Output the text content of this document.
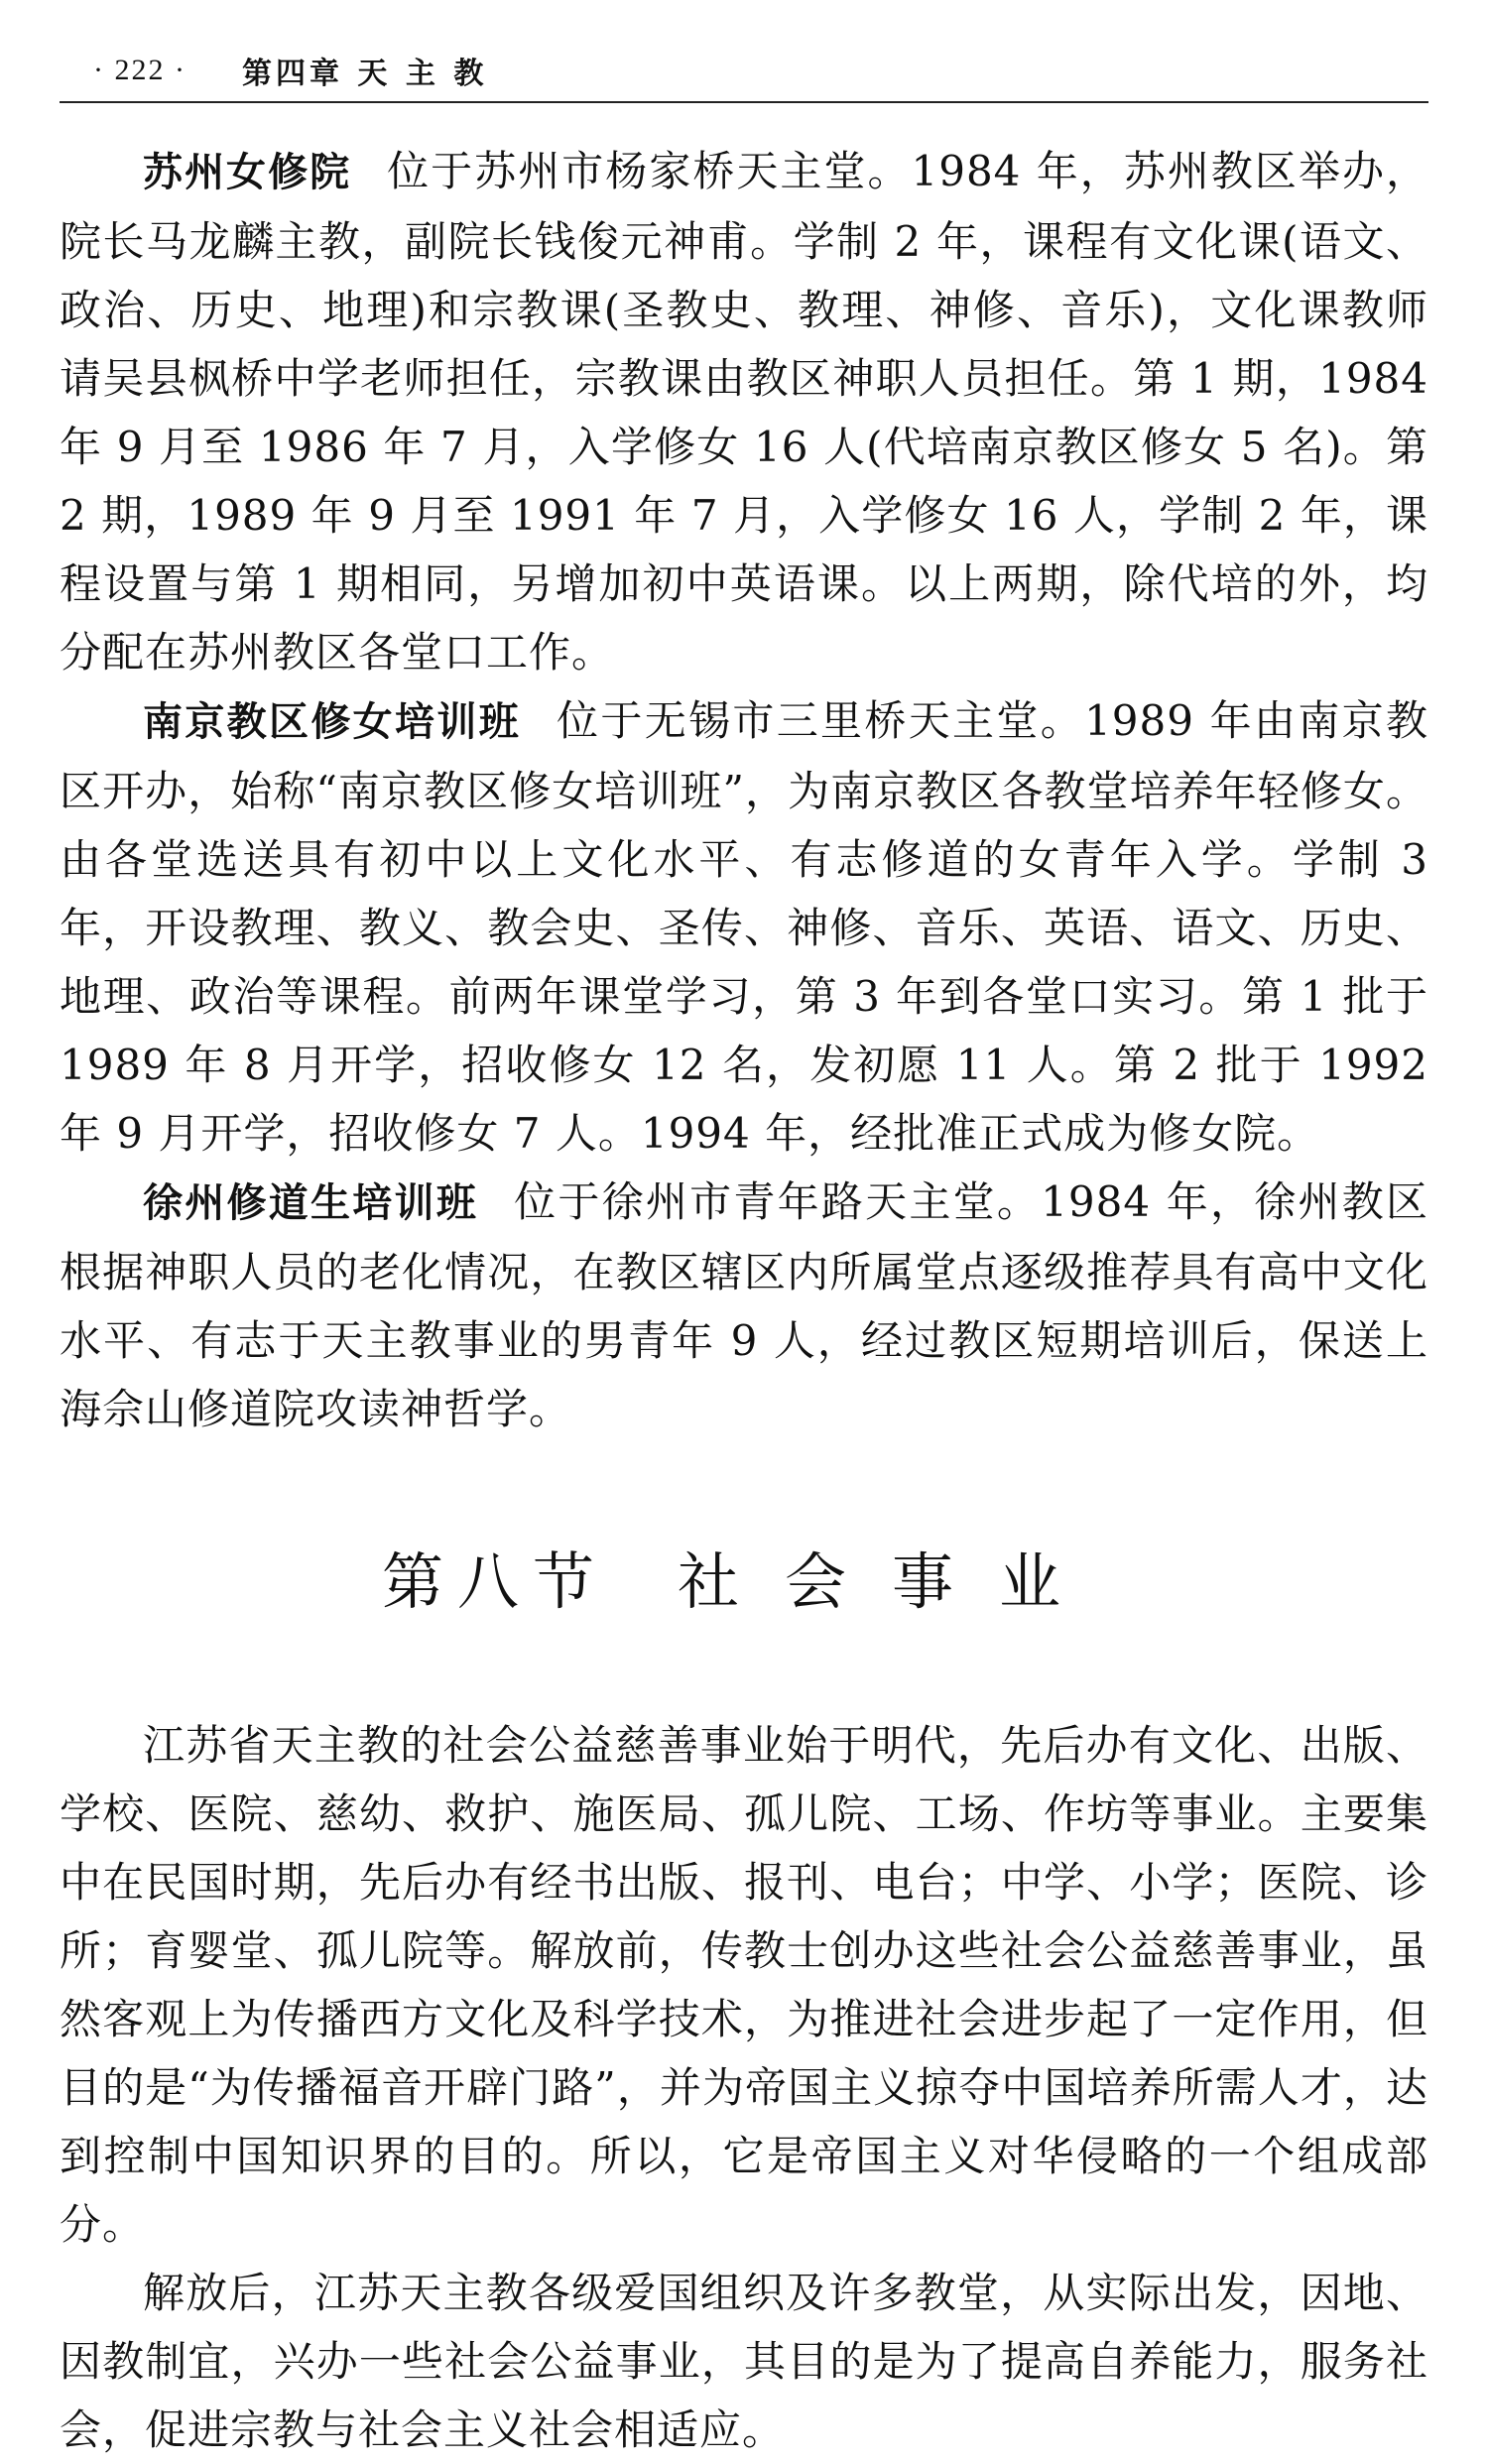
· 222 · 第四章 天 主 教

苏州女修院 位于苏州市杨家桥天主堂。1984 年，苏州教区举办，院长马龙麟主教，副院长钱俊元神甫。学制 2 年，课程有文化课(语文、政治、历史、地理)和宗教课(圣教史、教理、神修、音乐)，文化课教师请吴县枫桥中学老师担任，宗教课由教区神职人员担任。第 1 期，1984 年 9 月至 1986 年 7 月，入学修女 16 人(代培南京教区修女 5 名)。第 2 期，1989 年 9 月至 1991 年 7 月，入学修女 16 人，学制 2 年，课程设置与第 1 期相同，另增加初中英语课。以上两期，除代培的外，均分配在苏州教区各堂口工作。

南京教区修女培训班 位于无锡市三里桥天主堂。1989 年由南京教区开办，始称“南京教区修女培训班”，为南京教区各教堂培养年轻修女。由各堂选送具有初中以上文化水平、有志修道的女青年入学。学制 3 年，开设教理、教义、教会史、圣传、神修、音乐、英语、语文、历史、地理、政治等课程。前两年课堂学习，第 3 年到各堂口实习。第 1 批于 1989 年 8 月开学，招收修女 12 名，发初愿 11 人。第 2 批于 1992 年 9 月开学，招收修女 7 人。1994 年，经批准正式成为修女院。

徐州修道生培训班 位于徐州市青年路天主堂。1984 年，徐州教区根据神职人员的老化情况，在教区辖区内所属堂点逐级推荐具有高中文化水平、有志于天主教事业的男青年 9 人，经过教区短期培训后，保送上海佘山修道院攻读神哲学。

第八节 社会事业

江苏省天主教的社会公益慈善事业始于明代，先后办有文化、出版、学校、医院、慈幼、救护、施医局、孤儿院、工场、作坊等事业。主要集中在民国时期，先后办有经书出版、报刊、电台；中学、小学；医院、诊所；育婴堂、孤儿院等。解放前，传教士创办这些社会公益慈善事业，虽然客观上为传播西方文化及科学技术，为推进社会进步起了一定作用，但目的是“为传播福音开辟门路”，并为帝国主义掠夺中国培养所需人才，达到控制中国知识界的目的。所以，它是帝国主义对华侵略的一个组成部分。

解放后，江苏天主教各级爱国组织及许多教堂，从实际出发，因地、因教制宜，兴办一些社会公益事业，其目的是为了提高自养能力，服务社会，促进宗教与社会主义社会相适应。
